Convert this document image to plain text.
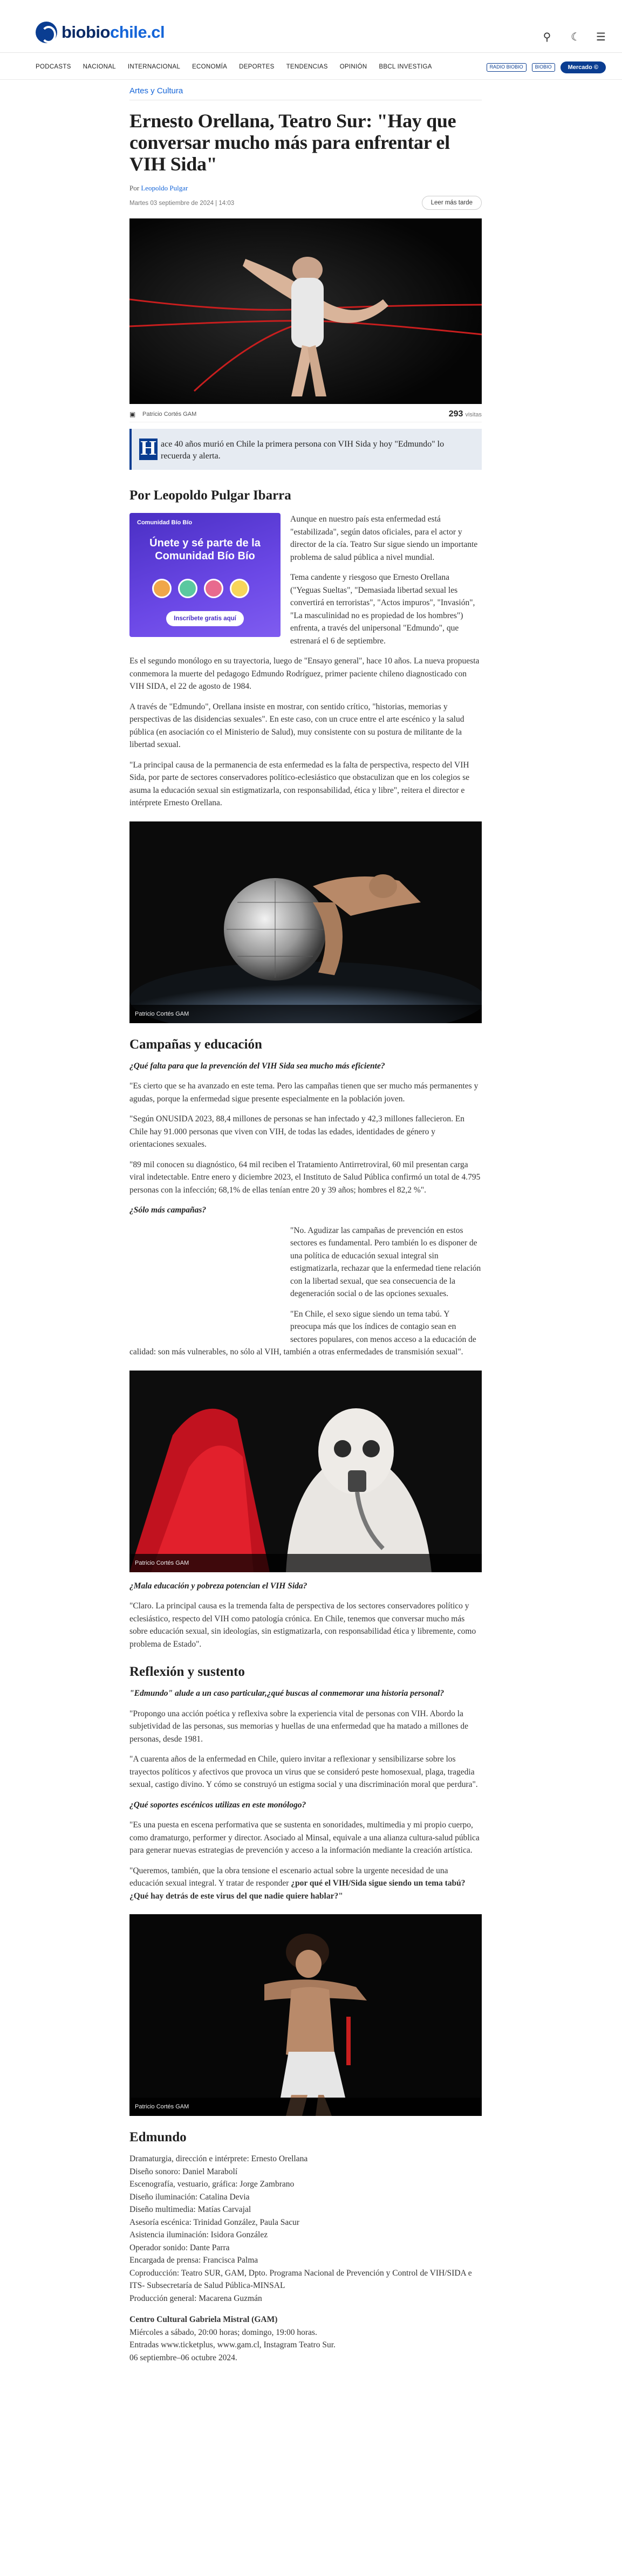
biobiochile.cl	⚲	☾ ☰
PODCASTS NACIONAL INTERNACIONAL ECONOMÍA DEPORTES TENDENCIAS OPINIÓN BBCL INVESTIGA	RADIO BIOBIO	BIOBIO	Mercado ©
Artes y Cultura
Ernesto Orellana, Teatro Sur: "Hay que conversar mucho más para enfrentar el VIH Sida"
Por Leopoldo Pulgar
Martes 03 septiembre de 2024 | 14:03	Leer más tarde
▣ Patricio Cortés GAM	293 visitas
H ace 40 años murió en Chile la primera persona con VIH Sida y hoy "Edmundo" lo recuerda y alerta.
Por Leopoldo Pulgar Ibarra
Comunidad Bío Bío
Únete y sé parte de la Comunidad Bío Bío
Inscríbete gratis aquí

Aunque en nuestro país esta enfermedad está "estabilizada", según datos oficiales, para el actor y director de la cía. Teatro Sur sigue siendo un importante problema de salud pública a nivel mundial.

Tema candente y riesgoso que Ernesto Orellana ("Yeguas Sueltas", "Demasiada libertad sexual les convertirá en terroristas", "Actos impuros", "Invasión", "La masculinidad no es propiedad de los hombres") enfrenta, a través del unipersonal "Edmundo", que estrenará el 6 de septiembre.

Es el segundo monólogo en su trayectoria, luego de "Ensayo general", hace 10 años. La nueva propuesta conmemora la muerte del pedagogo Edmundo Rodríguez, primer paciente chileno diagnosticado con VIH SIDA, el 22 de agosto de 1984.

A través de "Edmundo", Orellana insiste en mostrar, con sentido crítico, "historias, memorias y perspectivas de las disidencias sexuales". En este caso, con un cruce entre el arte escénico y la salud pública (en asociación co el Ministerio de Salud), muy consistente con su postura de militante de la libertad sexual.

"La principal causa de la permanencia de esta enfermedad es la falta de perspectiva, respecto del VIH Sida, por parte de sectores conservadores político-eclesiástico que obstaculizan que en los colegios se asuma la educación sexual sin estigmatizarla, con responsabilidad, ética y libre", reitera el director e intérprete Ernesto Orellana.

Patricio Cortés GAM
Campañas y educación

¿Qué falta para que la prevención del VIH Sida sea mucho más eficiente?

"Es cierto que se ha avanzado en este tema. Pero las campañas tienen que ser mucho más permanentes y agudas, porque la enfermedad sigue presente especialmente en la población joven.

"Según ONUSIDA 2023, 88,4 millones de personas se han infectado y 42,3 millones fallecieron. En Chile hay 91.000 personas que viven con VIH, de todas las edades, identidades de género y orientaciones sexuales.

"89 mil conocen su diagnóstico, 64 mil reciben el Tratamiento Antirretroviral, 60 mil presentan carga viral indetectable. Entre enero y diciembre 2023, el Instituto de Salud Pública confirmó un total de 4.795 personas con la infección; 68,1% de ellas tenían entre 20 y 39 años; hombres el 82,2 %".

¿Sólo más campañas?

"No. Agudizar las campañas de prevención en estos sectores es fundamental. Pero también lo es disponer de una política de educación sexual integral sin estigmatizarla, rechazar que la enfermedad tiene relación con la libertad sexual, que sea consecuencia de la degeneración social o de las opciones sexuales.

"En Chile, el sexo sigue siendo un tema tabú. Y preocupa más que los índices de contagio sean en sectores populares, con menos acceso a la educación de calidad: son más vulnerables, no sólo al VIH, también a otras enfermedades de transmisión sexual".

Patricio Cortés GAM

¿Mala educación y pobreza potencian el VIH Sida?

"Claro. La principal causa es la tremenda falta de perspectiva de los sectores conservadores político y eclesiástico, respecto del VIH como patología crónica. En Chile, tenemos que conversar mucho más sobre educación sexual, sin ideologías, sin estigmatizarla, con responsabilidad ética y libremente, como problema de Estado".

Reflexión y sustento

"Edmundo" alude a un caso particular,¿qué buscas al conmemorar una historia personal?

"Propongo una acción poética y reflexiva sobre la experiencia vital de personas con VIH. Abordo la subjetividad de las personas, sus memorias y huellas de una enfermedad que ha matado a millones de personas, desde 1981.

"A cuarenta años de la enfermedad en Chile, quiero invitar a reflexionar y sensibilizarse sobre los trayectos políticos y afectivos que provoca un virus que se consideró peste homosexual, plaga, tragedia sexual, castigo divino. Y cómo se construyó un estigma social y una discriminación moral que perdura".

¿Qué soportes escénicos utilizas en este monólogo?

"Es una puesta en escena performativa que se sustenta en sonoridades, multimedia y mi propio cuerpo, como dramaturgo, performer y director. Asociado al Minsal, equivale a una alianza cultura-salud pública para generar nuevas estrategias de prevención y acceso a la información mediante la creación artística.

"Queremos, también, que la obra tensione el escenario actual sobre la urgente necesidad de una educación sexual integral. Y tratar de responder ¿por qué el VIH/Sida sigue siendo un tema tabú? ¿Qué hay detrás de este virus del que nadie quiere hablar?"

Patricio Cortés GAM
Edmundo

Dramaturgia, dirección e intérprete: Ernesto Orellana

Diseño sonoro: Daniel Marabolí

Escenografía, vestuario, gráfica: Jorge Zambrano

Diseño iluminación: Catalina Devia

Diseño multimedia: Matías Carvajal

Asesoría escénica: Trinidad González, Paula Sacur

Asistencia iluminación: Isidora González

Operador sonido: Dante Parra

Encargada de prensa: Francisca Palma

Coproducción: Teatro SUR, GAM, Dpto. Programa Nacional de Prevención y Control de VIH/SIDA e ITS- Subsecretaría de Salud Pública-MINSAL

Producción general: Macarena Guzmán

Centro Cultural Gabriela Mistral (GAM)

Miércoles a sábado, 20:00 horas; domingo, 19:00 horas.

Entradas www.ticketplus, www.gam.cl, Instagram Teatro Sur.

06 septiembre–06 octubre 2024.
